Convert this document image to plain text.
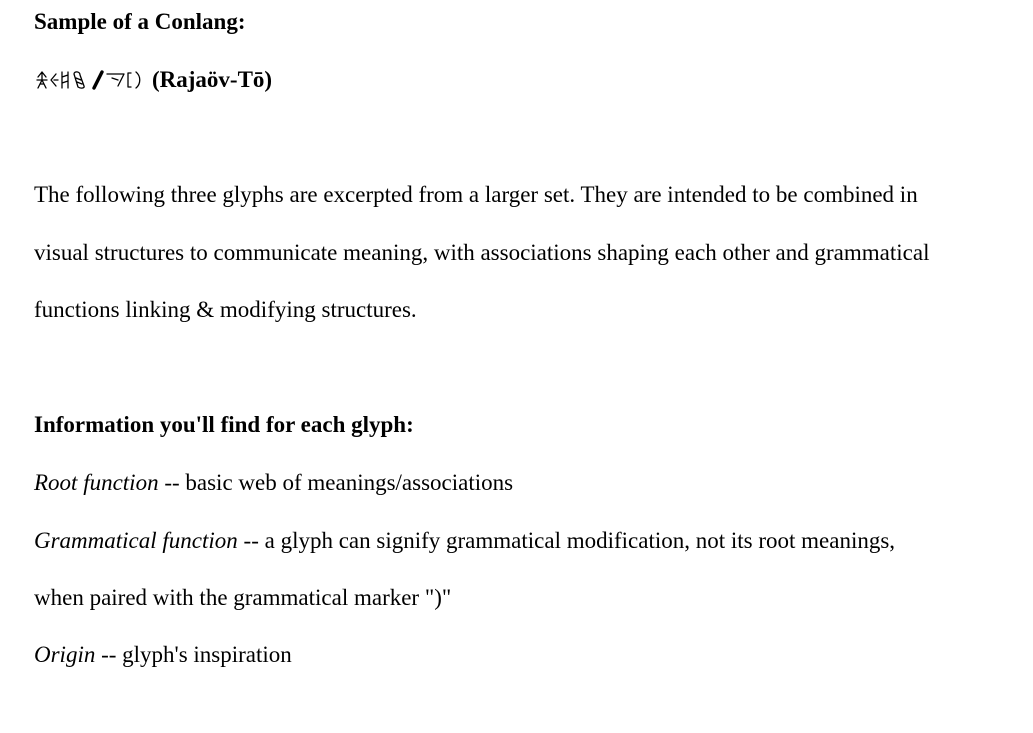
Sample of a Conlang:
(Rajaöv-Tō)
The following three glyphs are excerpted from a larger set. They are intended to be combined in
visual structures to communicate meaning, with associations shaping each other and grammatical
functions linking & modifying structures.
Information you'll find for each glyph:
Root function -- basic web of meanings/associations
Grammatical function -- a glyph can signify grammatical modification, not its root meanings,
when paired with the grammatical marker ")"
Origin -- glyph's inspiration
